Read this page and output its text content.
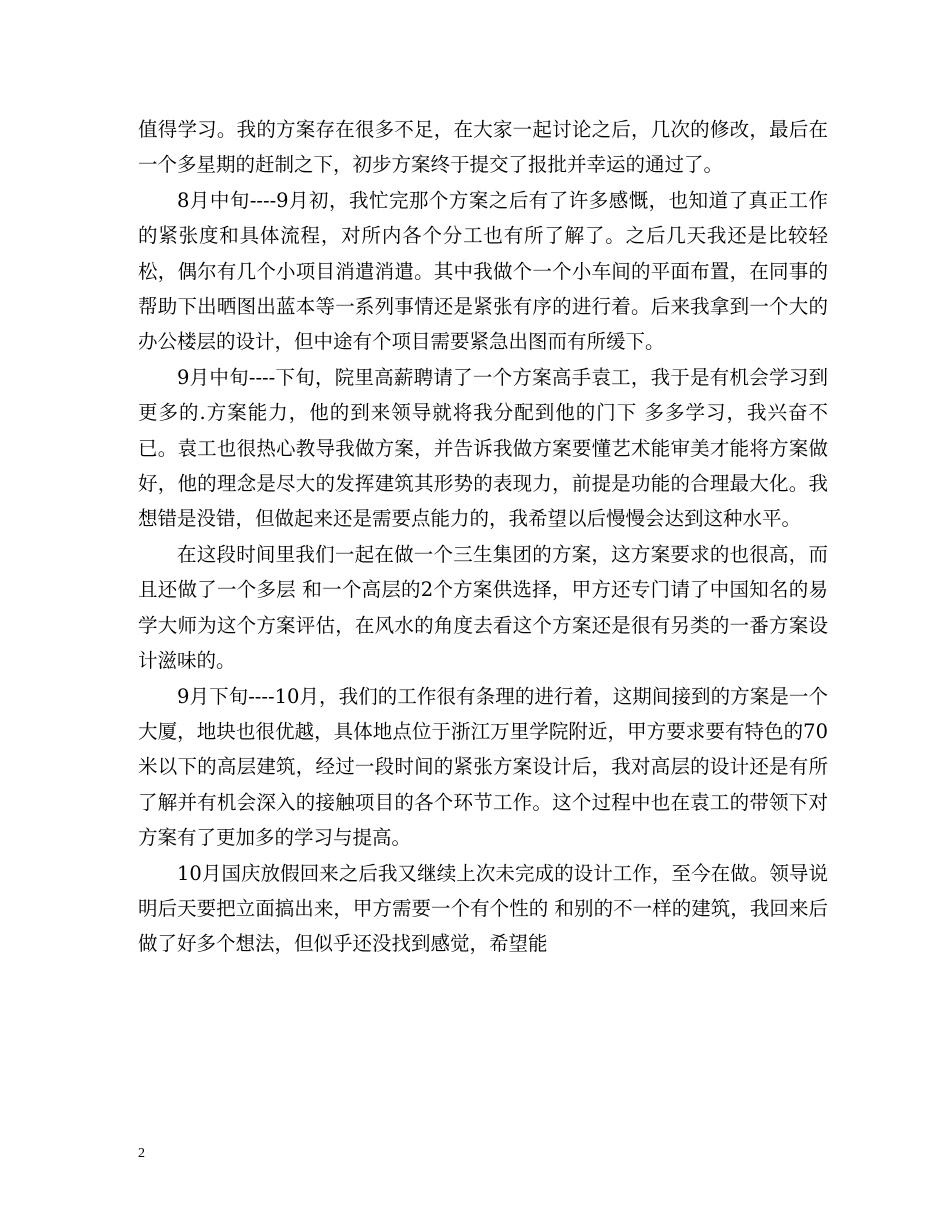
值得学习。我的方案存在很多不足，在大家一起讨论之后，几次的修改，最后在一个多星期的赶制之下，初步方案终于提交了报批并幸运的通过了。

8月中旬----9月初，我忙完那个方案之后有了许多感慨，也知道了真正工作的紧张度和具体流程，对所内各个分工也有所了解了。之后几天我还是比较轻松，偶尔有几个小项目消遣消遣。其中我做个一个小车间的平面布置，在同事的帮助下出晒图出蓝本等一系列事情还是紧张有序的进行着。后来我拿到一个大的办公楼层的设计，但中途有个项目需要紧急出图而有所缓下。

9月中旬----下旬，院里高薪聘请了一个方案高手袁工，我于是有机会学习到更多的.方案能力，他的到来领导就将我分配到他的门下 多多学习，我兴奋不已。袁工也很热心教导我做方案，并告诉我做方案要懂艺术能审美才能将方案做好，他的理念是尽大的发挥建筑其形势的表现力，前提是功能的合理最大化。我想错是没错，但做起来还是需要点能力的，我希望以后慢慢会达到这种水平。

在这段时间里我们一起在做一个三生集团的方案，这方案要求的也很高，而且还做了一个多层 和一个高层的2个方案供选择，甲方还专门请了中国知名的易学大师为这个方案评估，在风水的角度去看这个方案还是很有另类的一番方案设计滋味的。

9月下旬----10月，我们的工作很有条理的进行着，这期间接到的方案是一个大厦，地块也很优越，具体地点位于浙江万里学院附近，甲方要求要有特色的70米以下的高层建筑，经过一段时间的紧张方案设计后，我对高层的设计还是有所了解并有机会深入的接触项目的各个环节工作。这个过程中也在袁工的带领下对方案有了更加多的学习与提高。

10月国庆放假回来之后我又继续上次未完成的设计工作，至今在做。领导说明后天要把立面搞出来，甲方需要一个有个性的 和别的不一样的建筑，我回来后做了好多个想法，但似乎还没找到感觉，希望能

2
